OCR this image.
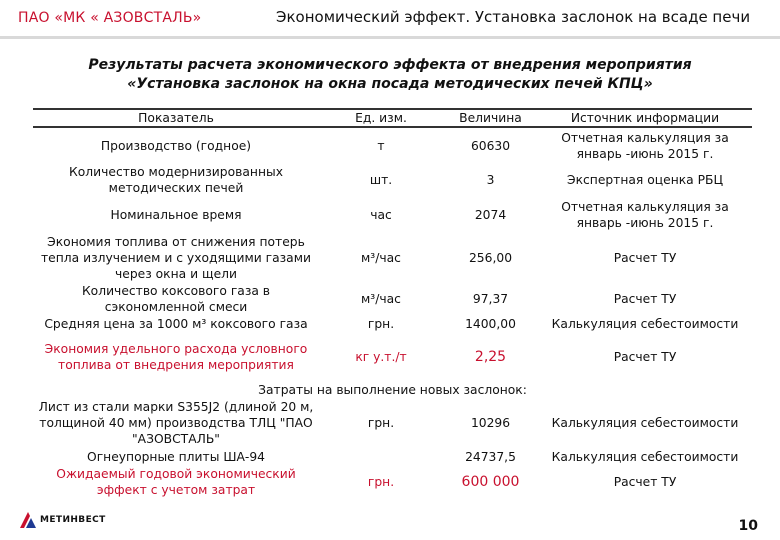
ПАО «МК « АЗОВСТАЛЬ»	Экономический эффект. Установка заслонок на всаде печи
Результаты расчета экономического эффекта от внедрения мероприятия
«Установка заслонок на окна посада методических печей КПЦ»
Показатель	Ед. изм.	Величина	Источник информации
Производство (годное)	т	60630	Отчетная калькуляция за январь -июнь 2015 г.
Количество модернизированных методических печей	шт.	3	Экспертная оценка РБЦ
Номинальное время	час	2074	Отчетная калькуляция за январь -июнь 2015 г.
Экономия топлива от снижения потерь тепла излучением и с уходящими газами через окна и щели	м³/час	256,00	Расчет ТУ
Количество коксового газа в сэкономленной смеси	м³/час	97,37	Расчет ТУ
Средняя цена за 1000 м³ коксового газа	грн.	1400,00	Калькуляция себестоимости
Экономия удельного расхода условного топлива от внедрения мероприятия	кг у.т./т	2,25	Расчет ТУ
Затраты на выполнение новых заслонок:			
Лист из стали марки S355J2 (длиной 20 м, толщиной 40 мм) производства ТЛЦ "ПАО "АЗОВСТАЛЬ"	грн.	10296	Калькуляция себестоимости
Огнеупорные плиты ША-94		24737,5	Калькуляция себестоимости
Ожидаемый годовой экономический эффект с учетом затрат	грн.	600 000	Расчет ТУ
МЕТИНВЕСТ	10
